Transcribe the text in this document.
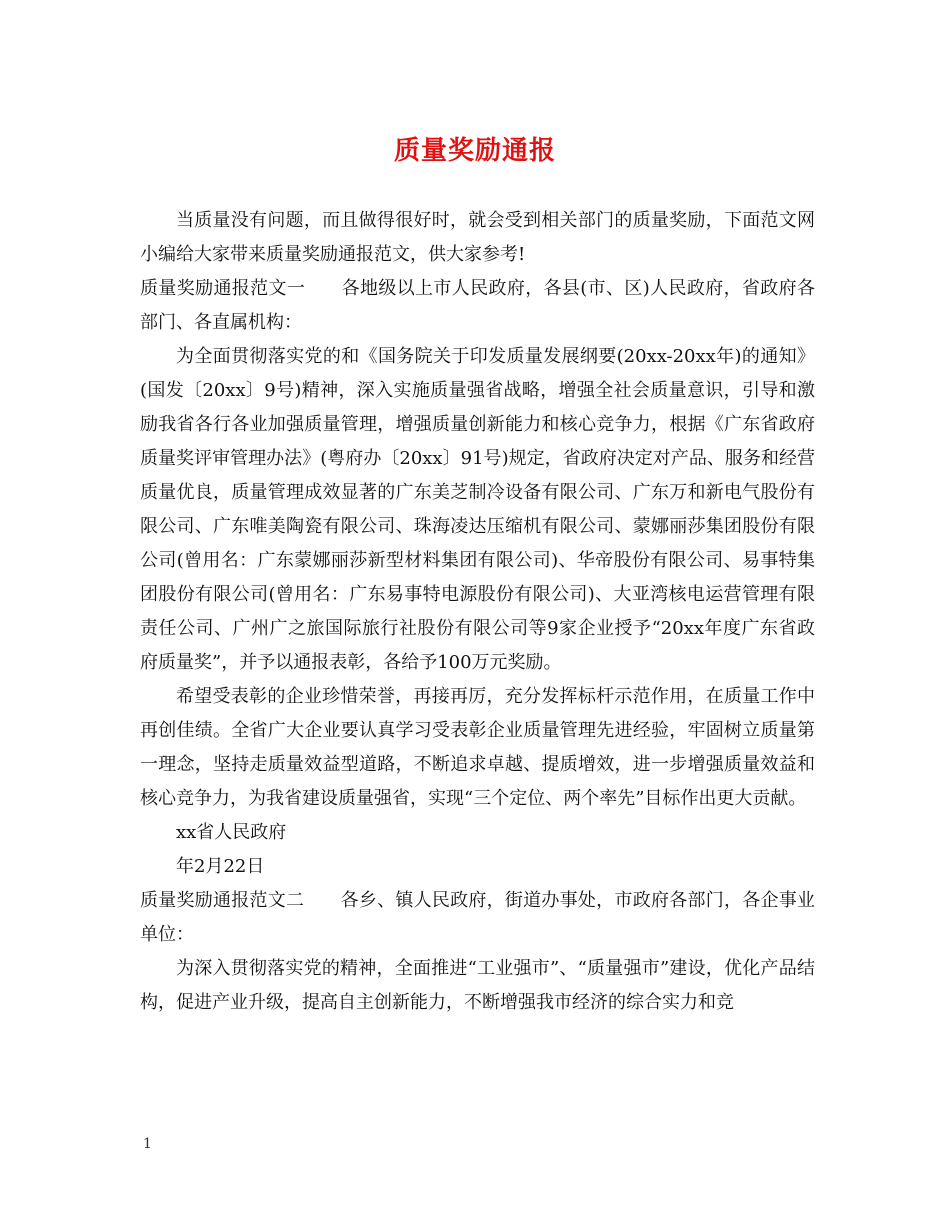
质量奖励通报

当质量没有问题，而且做得很好时，就会受到相关部门的质量奖励，下面范文网小编给大家带来质量奖励通报范文，供大家参考!

质量奖励通报范文一 各地级以上市人民政府，各县(市、区)人民政府，省政府各部门、各直属机构：

为全面贯彻落实党的和《国务院关于印发质量发展纲要(20xx-20xx年)的通知》(国发〔20xx〕9号)精神，深入实施质量强省战略，增强全社会质量意识，引导和激励我省各行各业加强质量管理，增强质量创新能力和核心竞争力，根据《广东省政府质量奖评审管理办法》(粤府办〔20xx〕91号)规定，省政府决定对产品、服务和经营质量优良，质量管理成效显著的广东美芝制冷设备有限公司、广东万和新电气股份有限公司、广东唯美陶瓷有限公司、珠海凌达压缩机有限公司、蒙娜丽莎集团股份有限公司(曾用名：广东蒙娜丽莎新型材料集团有限公司)、华帝股份有限公司、易事特集团股份有限公司(曾用名：广东易事特电源股份有限公司)、大亚湾核电运营管理有限责任公司、广州广之旅国际旅行社股份有限公司等9家企业授予“20xx年度广东省政府质量奖”，并予以通报表彰，各给予100万元奖励。

希望受表彰的企业珍惜荣誉，再接再厉，充分发挥标杆示范作用，在质量工作中再创佳绩。全省广大企业要认真学习受表彰企业质量管理先进经验，牢固树立质量第一理念，坚持走质量效益型道路，不断追求卓越、提质增效，进一步增强质量效益和核心竞争力，为我省建设质量强省，实现“三个定位、两个率先”目标作出更大贡献。

xx省人民政府

年2月22日

质量奖励通报范文二 各乡、镇人民政府，街道办事处，市政府各部门，各企事业单位：

为深入贯彻落实党的精神，全面推进“工业强市”、“质量强市”建设，优化产品结构，促进产业升级，提高自主创新能力，不断增强我市经济的综合实力和竞

1
